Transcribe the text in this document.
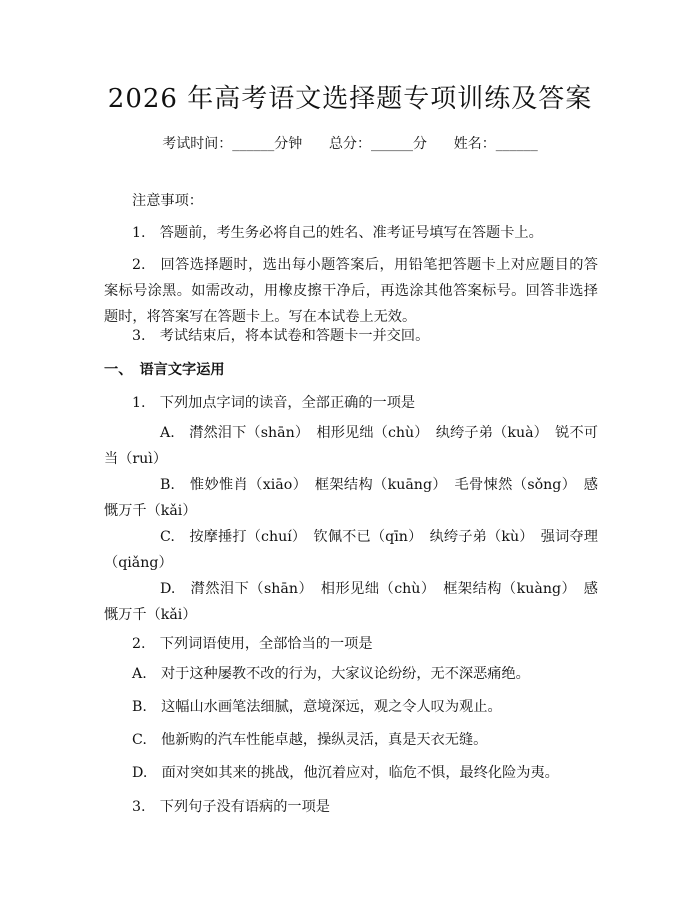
2026 年高考语文选择题专项训练及答案
考试时间：______分钟      总分：______分      姓名：______
注意事项：
1.　答题前，考生务必将自己的姓名、准考证号填写在答题卡上。
2.　回答选择题时，选出每小题答案后，用铅笔把答题卡上对应题目的答案标号涂黑。如需改动，用橡皮擦干净后，再选涂其他答案标号。回答非选择题时，将答案写在答题卡上。写在本试卷上无效。
3.　考试结束后，将本试卷和答题卡一并交回。
一、　语言文字运用
1.　下列加点字词的读音，全部正确的一项是
A.　潸然泪下（shān）　相形见绌（chù）　纨绔子弟（kuà）　锐不可当（ruì）
B.　惟妙惟肖（xiāo）　框架结构（kuāng）　毛骨悚然（sǒng）　感慨万千（kǎi）
C.　按摩捶打（chuí）　钦佩不已（qīn）　纨绔子弟（kù）　强词夺理（qiǎng）
D.　潸然泪下（shān）　相形见绌（chù）　框架结构（kuàng）　感慨万千（kǎi）
2.　下列词语使用，全部恰当的一项是
A.　对于这种屡教不改的行为，大家议论纷纷，无不深恶痛绝。
B.　这幅山水画笔法细腻，意境深远，观之令人叹为观止。
C.　他新购的汽车性能卓越，操纵灵活，真是天衣无缝。
D.　面对突如其来的挑战，他沉着应对，临危不惧，最终化险为夷。
3.　下列句子没有语病的一项是
